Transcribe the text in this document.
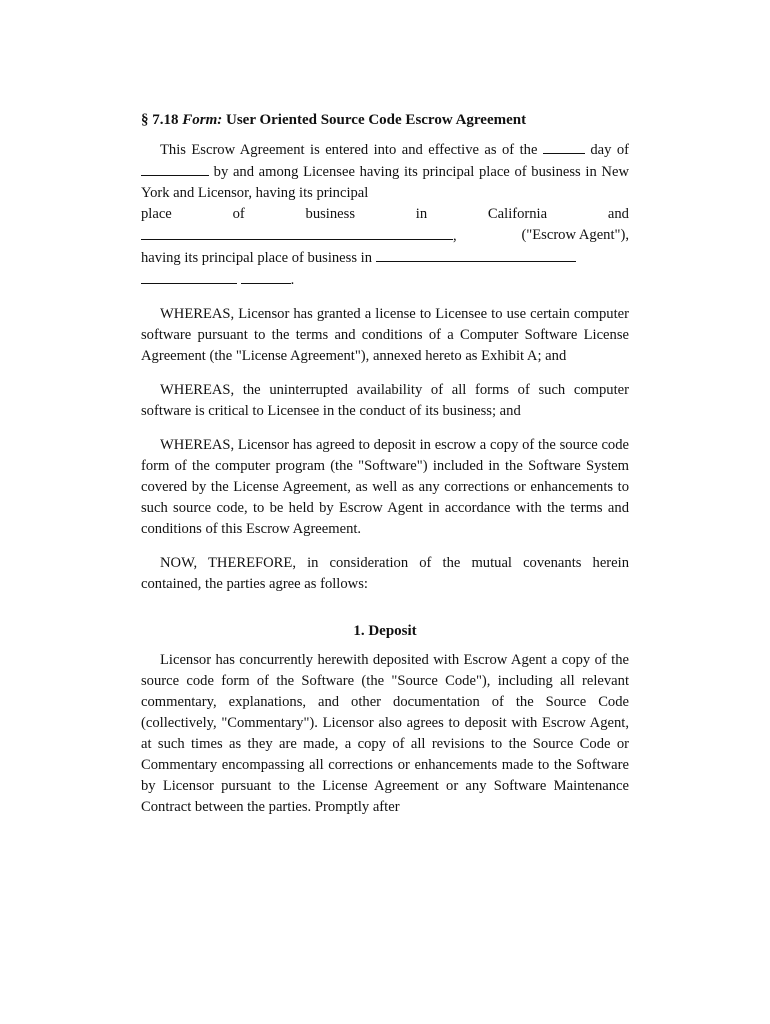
§ 7.18 Form: User Oriented Source Code Escrow Agreement

This Escrow Agreement is entered into and effective as of the	day of  by and among Licensee having its principal place of business in New York and Licensor, having its principal
place	of	business	in	California	and
,	("Escrow Agent"),
having its principal place of business in
.

WHEREAS, Licensor has granted a license to Licensee to use certain computer software pursuant to the terms and conditions of a Computer Software License Agreement (the "License Agreement"), annexed hereto as Exhibit A; and

WHEREAS, the uninterrupted availability of all forms of such computer software is critical to Licensee in the conduct of its business; and

WHEREAS, Licensor has agreed to deposit in escrow a copy of the source code form of the computer program (the "Software") included in the Software System covered by the License Agreement, as well as any corrections or enhancements to such source code, to be held by Escrow Agent in accordance with the terms and conditions of this Escrow Agreement.

NOW, THEREFORE, in consideration of the mutual covenants herein contained, the parties agree as follows:

1. Deposit

Licensor has concurrently herewith deposited with Escrow Agent a copy of the source code form of the Software (the "Source Code"), including all relevant commentary, explanations, and other documentation of the Source Code (collectively, "Commentary"). Licensor also agrees to deposit with Escrow Agent, at such times as they are made, a copy of all revisions to the Source Code or Commentary encompassing all corrections or enhancements made to the Software by Licensor pursuant to the License Agreement or any Software Maintenance Contract between the parties. Promptly after
